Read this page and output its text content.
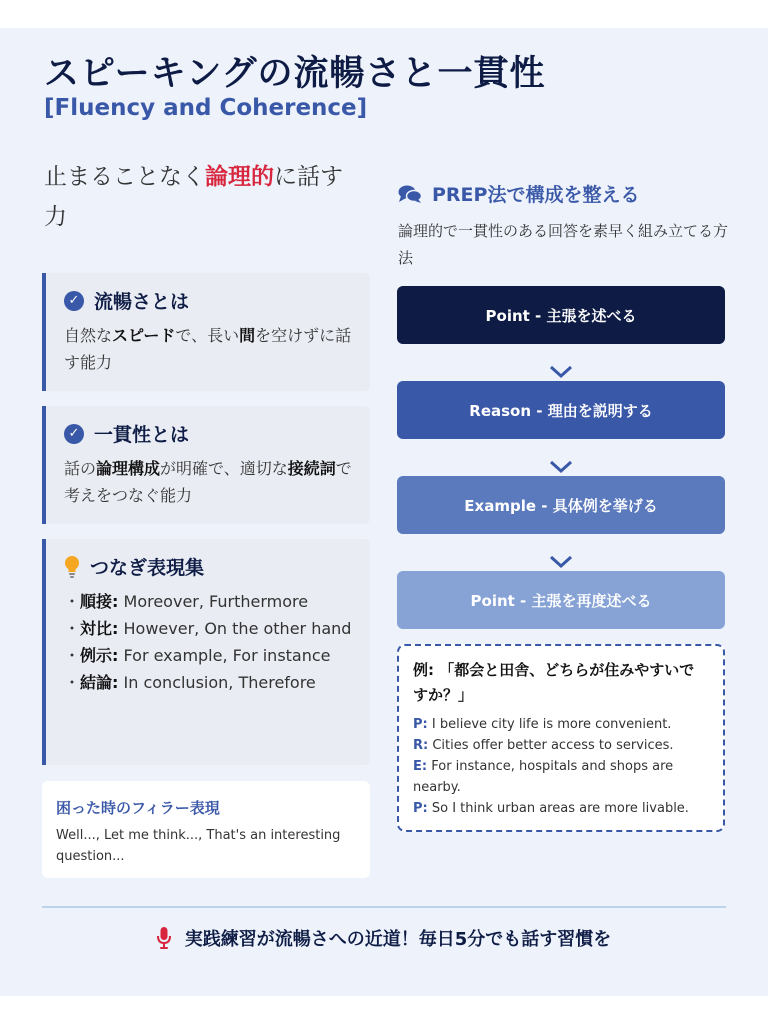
スピーキングの流暢さと一貫性
[Fluency and Coherence]
止まることなく論理的に話す力
✓ 流暢さとは
自然なスピードで、長い間を空けずに話す能力
✓ 一貫性とは
話の論理構成が明確で、適切な接続詞で考えをつなぐ能力
つなぎ表現集
・順接: Moreover, Furthermore
・対比: However, On the other hand
・例示: For example, For instance
・結論: In conclusion, Therefore
困った時のフィラー表現
Well..., Let me think..., That's an interesting question...
PREP法で構成を整える
論理的で一貫性のある回答を素早く組み立てる方法
Point - 主張を述べる
Reason - 理由を説明する
Example - 具体例を挙げる
Point - 主張を再度述べる
例: 「都会と田舎、どちらが住みやすいですか？」
P: I believe city life is more convenient.
R: Cities offer better access to services.
E: For instance, hospitals and shops are nearby.
P: So I think urban areas are more livable.
実践練習が流暢さへの近道！毎日5分でも話す習慣を
